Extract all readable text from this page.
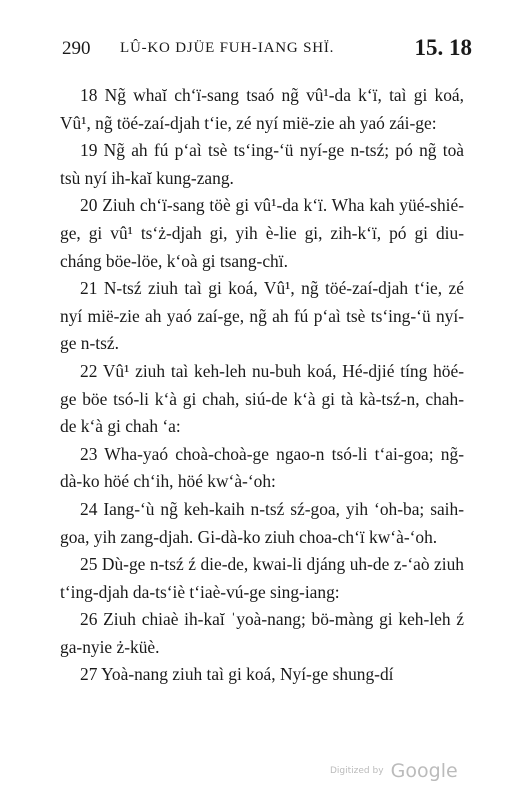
290 LÛ-KO DJÜE FUH-IANG SHÏ.	15. 18

18 Ng̃ whaĭ ch‘ï-sang tsaó ng̃ vû¹-da k‘ï, taì gi koá, Vû¹, ng̃ töé-zaí-djah t‘ie, zé nyí mië-zie ah yaó zái-ge:

19 Ng̃ ah fú p‘aì tsè ts‘ing-‘ü nyí-ge n-tsź; pó ng̃ toà tsù nyí ih-kaĭ kung-zang.

20 Ziuh ch‘ï-sang töè gi vû¹-da k‘ï. Wha kah yüé-shié-ge, gi vû¹ ts‘ż-djah gi, yih è-lie gi, zih-k‘ï, pó gi diu-cháng böe-löe, k‘oà gi tsang-chï.

21 N-tsź ziuh taì gi koá, Vû¹, ng̃ töé-zaí-djah t‘ie, zé nyí mië-zie ah yaó zaí-ge, ng̃ ah fú p‘aì tsè ts‘ing-‘ü nyí-ge n-tsź.

22 Vû¹ ziuh taì keh-leh nu-buh koá, Hé-djié tíng höé-ge böe tsó-li k‘à gi chah, siú-de k‘à gi tà kà-tsź-n, chah-de k‘à gi chah ‘a:

23 Wha-yaó choà-choà-ge ngao-n tsó-li t‘ai-goa; ng̃-dà-ko höé ch‘ih, höé kw‘à-‘oh:

24 Iang-‘ù ng̃ keh-kaih n-tsź sź-goa, yih ‘oh-ba; saih-goa, yih zang-djah. Gi-dà-ko ziuh choa-ch‘ï kw‘à-‘oh.

25 Dù-ge n-tsź ź die-de, kwai-li djáng uh-de z-‘aò ziuh t‘ing-djah da-ts‘iè t‘iaè-vú-ge sing-iang:

26 Ziuh chiaè ih-kaĭ ˈyoà-nang; bö-màng gi keh-leh ź ga-nyie ż-küè.

27 Yoà-nang ziuh taì gi koá, Nyí-ge shung-dí

Digitized by Google
